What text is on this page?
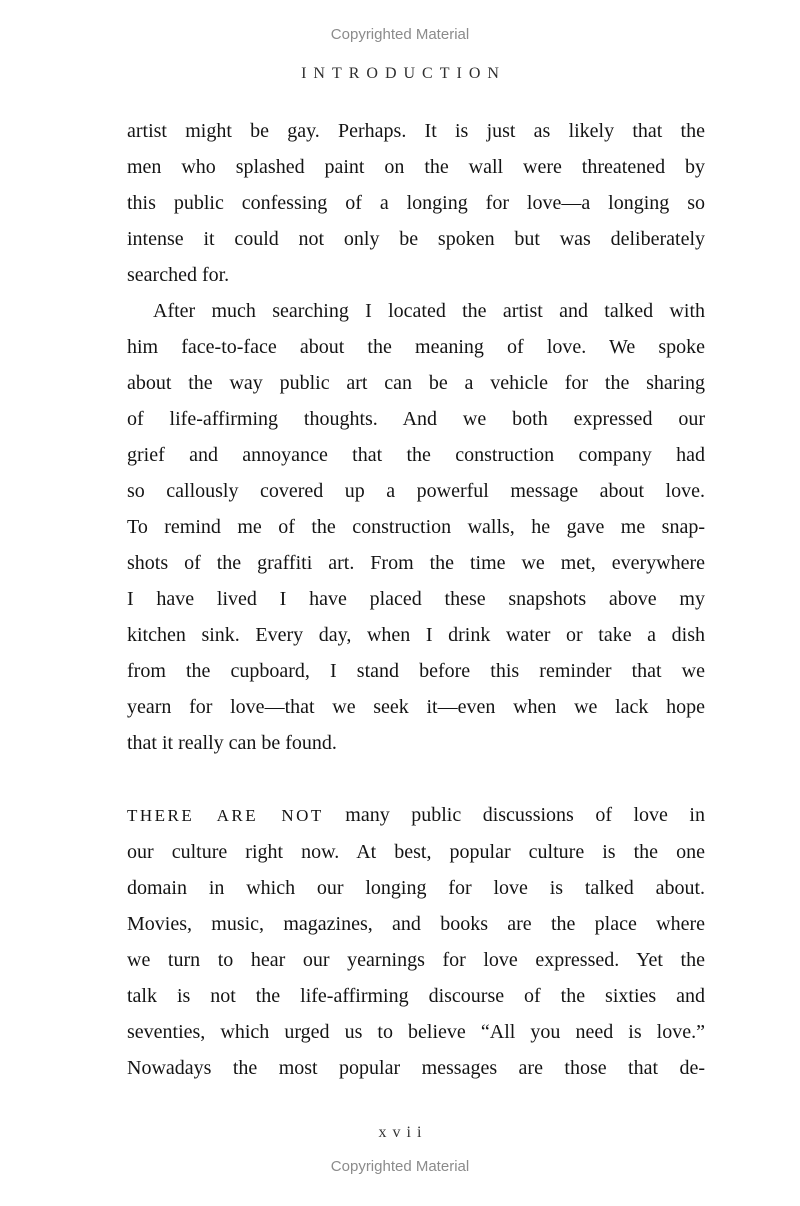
Copyrighted Material
INTRODUCTION
artist might be gay. Perhaps. It is just as likely that the
men who splashed paint on the wall were threatened by
this public confessing of a longing for love—a longing so
intense it could not only be spoken but was deliberately
searched for.
After much searching I located the artist and talked with
him face-to-face about the meaning of love. We spoke
about the way public art can be a vehicle for the sharing
of life-affirming thoughts. And we both expressed our
grief and annoyance that the construction company had
so callously covered up a powerful message about love.
To remind me of the construction walls, he gave me snap-
shots of the graffiti art. From the time we met, everywhere
I have lived I have placed these snapshots above my
kitchen sink. Every day, when I drink water or take a dish
from the cupboard, I stand before this reminder that we
yearn for love—that we seek it—even when we lack hope
that it really can be found.
THERE ARE NOT many public discussions of love in
our culture right now. At best, popular culture is the one
domain in which our longing for love is talked about.
Movies, music, magazines, and books are the place where
we turn to hear our yearnings for love expressed. Yet the
talk is not the life-affirming discourse of the sixties and
seventies, which urged us to believe “All you need is love.”
Nowadays the most popular messages are those that de-
xvii
Copyrighted Material
